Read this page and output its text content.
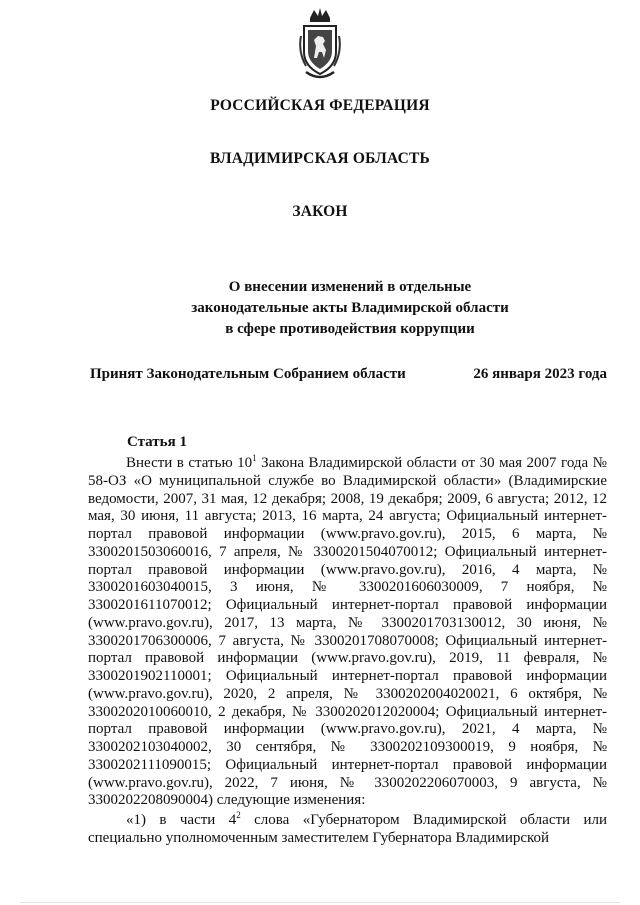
РОССИЙСКАЯ ФЕДЕРАЦИЯ
ВЛАДИМИРСКАЯ ОБЛАСТЬ
ЗАКОН
О внесении изменений в отдельные
законодательные акты Владимирской области
в сфере противодействия коррупции
Принят Законодательным Собранием области	26 января 2023 года
Статья 1

Внести в статью $10^1$ Закона Владимирской области от 30 мая 2007 года № 58-ОЗ «О муниципальной службе во Владимирской области» (Владимирские ведомости, 2007, 31 мая, 12 декабря; 2008, 19 декабря; 2009, 6 августа; 2012, 12 мая, 30 июня, 11 августа; 2013, 16 марта, 24 августа; Официальный интернет-портал правовой информации (www.pravo.gov.ru), 2015, 6 марта, № 3300201503060016, 7 апреля, № 3300201504070012; Официальный интернет-портал правовой информации (www.pravo.gov.ru), 2016, 4 марта, № 3300201603040015, 3 июня, № 3300201606030009, 7 ноября, № 3300201611070012; Официальный интернет-портал правовой информации (www.pravo.gov.ru), 2017, 13 марта, № 3300201703130012, 30 июня, № 3300201706300006, 7 августа, № 3300201708070008; Официальный интернет-портал правовой информации (www.pravo.gov.ru), 2019, 11 февраля, № 3300201902110001; Официальный интернет-портал правовой информации (www.pravo.gov.ru), 2020, 2 апреля, № 3300202004020021, 6 октября, № 3300202010060010, 2 декабря, № 3300202012020004; Официальный интернет-портал правовой информации (www.pravo.gov.ru), 2021, 4 марта, № 3300202103040002, 30 сентября, № 3300202109300019, 9 ноября, № 3300202111090015; Официальный интернет-портал правовой информации (www.pravo.gov.ru), 2022, 7 июня, № 3300202206070003, 9 августа, № 3300202208090004) следующие изменения:

«1) в части $4^2$ слова «Губернатором Владимирской области или специально уполномоченным заместителем Губернатора Владимирской
